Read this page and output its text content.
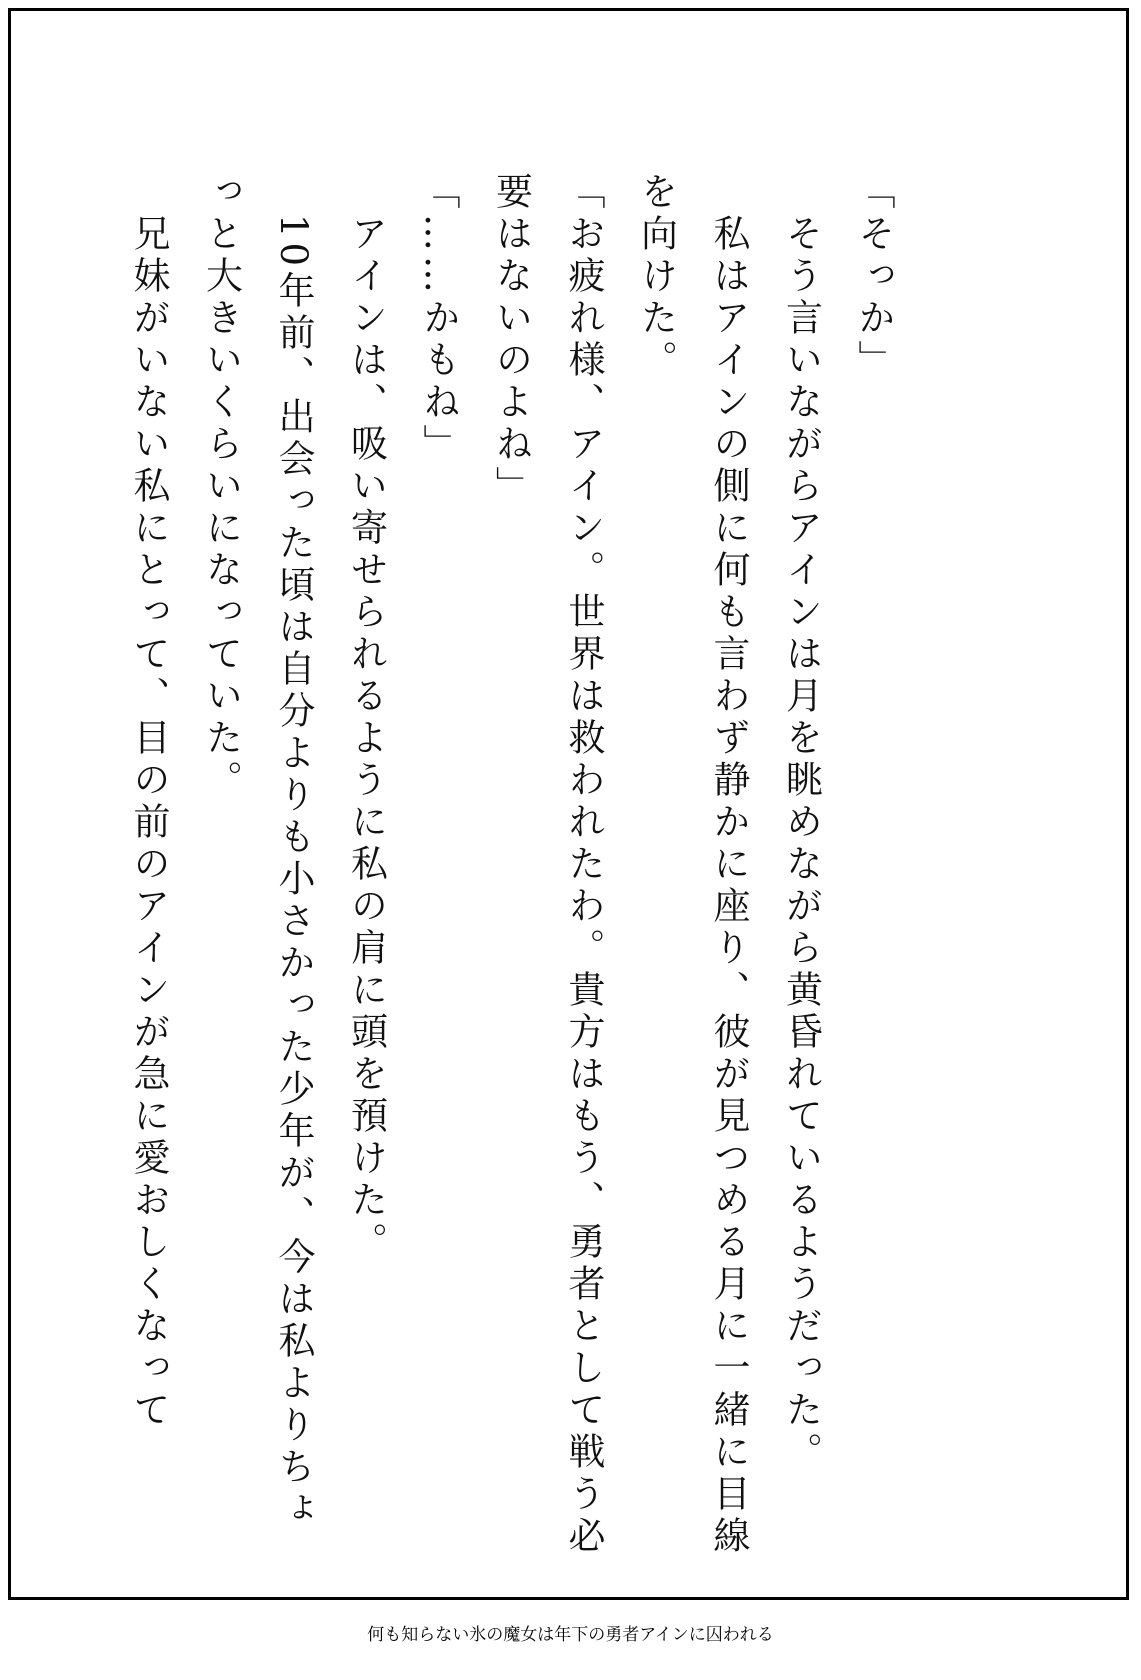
「そっか」

　そう言いながらアインは月を眺めながら黄昏れているようだった。

　私はアインの側に何も言わず静かに座り、彼が見つめる月に一緒に目線を向けた。

「お疲れ様、アイン。世界は救われたわ。貴方はもう、勇者として戦う必要はないのよね」

「……かもね」

　アインは、吸い寄せられるように私の肩に頭を預けた。

　10年前、出会った頃は自分よりも小さかった少年が、今は私よりちょっと大きいくらいになっていた。

　兄妹がいない私にとって、目の前のアインが急に愛おしくなって

何も知らない氷の魔女は年下の勇者アインに囚われる
